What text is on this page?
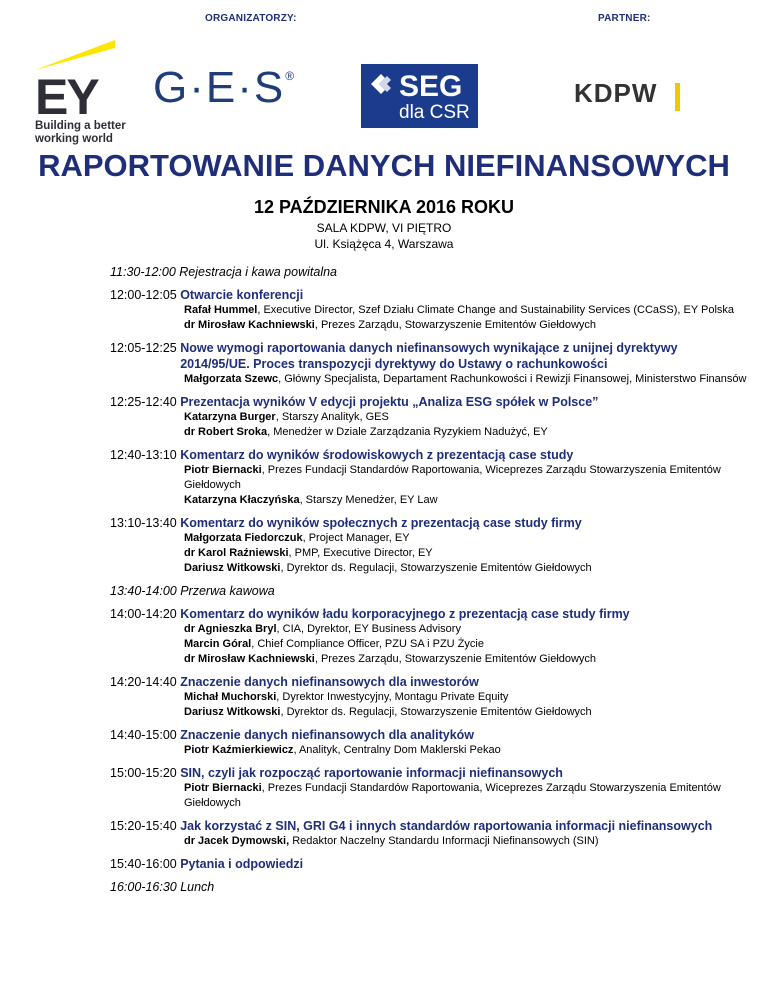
ORGANIZATORZY:	PARTNER:
EY
Building a better
working world
G·E·S®	SEG
dla CSR
KDPW
RAPORTOWANIE DANYCH NIEFINANSOWYCH
12 PAŹDZIERNIKA 2016 ROKU
SALA KDPW, VI PIĘTRO
Ul. Książęca 4, Warszawa
11:30-12:00 Rejestracja i kawa powitalna
12:00-12:05 Otwarcie konferencji
Rafał Hummel, Executive Director, Szef Działu Climate Change and Sustainability Services (CCaSS), EY Polska
dr Mirosław Kachniewski, Prezes Zarządu, Stowarzyszenie Emitentów Giełdowych
12:05-12:25 Nowe wymogi raportowania danych niefinansowych wynikające z unijnej dyrektywy 2014/95/UE. Proces transpozycji dyrektywy do Ustawy o rachunkowości
Małgorzata Szewc, Główny Specjalista, Departament Rachunkowości i Rewizji Finansowej, Ministerstwo Finansów
12:25-12:40 Prezentacja wyników V edycji projektu „Analiza ESG spółek w Polsce”
Katarzyna Burger, Starszy Analityk, GES
dr Robert Sroka, Menedżer w Dziale Zarządzania Ryzykiem Nadużyć, EY
12:40-13:10 Komentarz do wyników środowiskowych z prezentacją case study
Piotr Biernacki, Prezes Fundacji Standardów Raportowania, Wiceprezes Zarządu Stowarzyszenia Emitentów Giełdowych
Katarzyna Kłaczyńska, Starszy Menedżer, EY Law
13:10-13:40 Komentarz do wyników społecznych z prezentacją case study firmy
Małgorzata Fiedorczuk, Project Manager, EY
dr Karol Raźniewski, PMP, Executive Director, EY
Dariusz Witkowski, Dyrektor ds. Regulacji, Stowarzyszenie Emitentów Giełdowych
13:40-14:00 Przerwa kawowa
14:00-14:20 Komentarz do wyników ładu korporacyjnego z prezentacją case study firmy
dr Agnieszka Bryl, CIA, Dyrektor, EY Business Advisory
Marcin Góral, Chief Compliance Officer, PZU SA i PZU Życie
dr Mirosław Kachniewski, Prezes Zarządu, Stowarzyszenie Emitentów Giełdowych
14:20-14:40 Znaczenie danych niefinansowych dla inwestorów
Michał Muchorski, Dyrektor Inwestycyjny, Montagu Private Equity
Dariusz Witkowski, Dyrektor ds. Regulacji, Stowarzyszenie Emitentów Giełdowych
14:40-15:00 Znaczenie danych niefinansowych dla analityków
Piotr Kaźmierkiewicz, Analityk, Centralny Dom Maklerski Pekao
15:00-15:20 SIN, czyli jak rozpocząć raportowanie informacji niefinansowych
Piotr Biernacki, Prezes Fundacji Standardów Raportowania, Wiceprezes Zarządu Stowarzyszenia Emitentów Giełdowych
15:20-15:40 Jak korzystać z SIN, GRI G4 i innych standardów raportowania informacji niefinansowych
dr Jacek Dymowski, Redaktor Naczelny Standardu Informacji Niefinansowych (SIN)
15:40-16:00 Pytania i odpowiedzi
16:00-16:30 Lunch
